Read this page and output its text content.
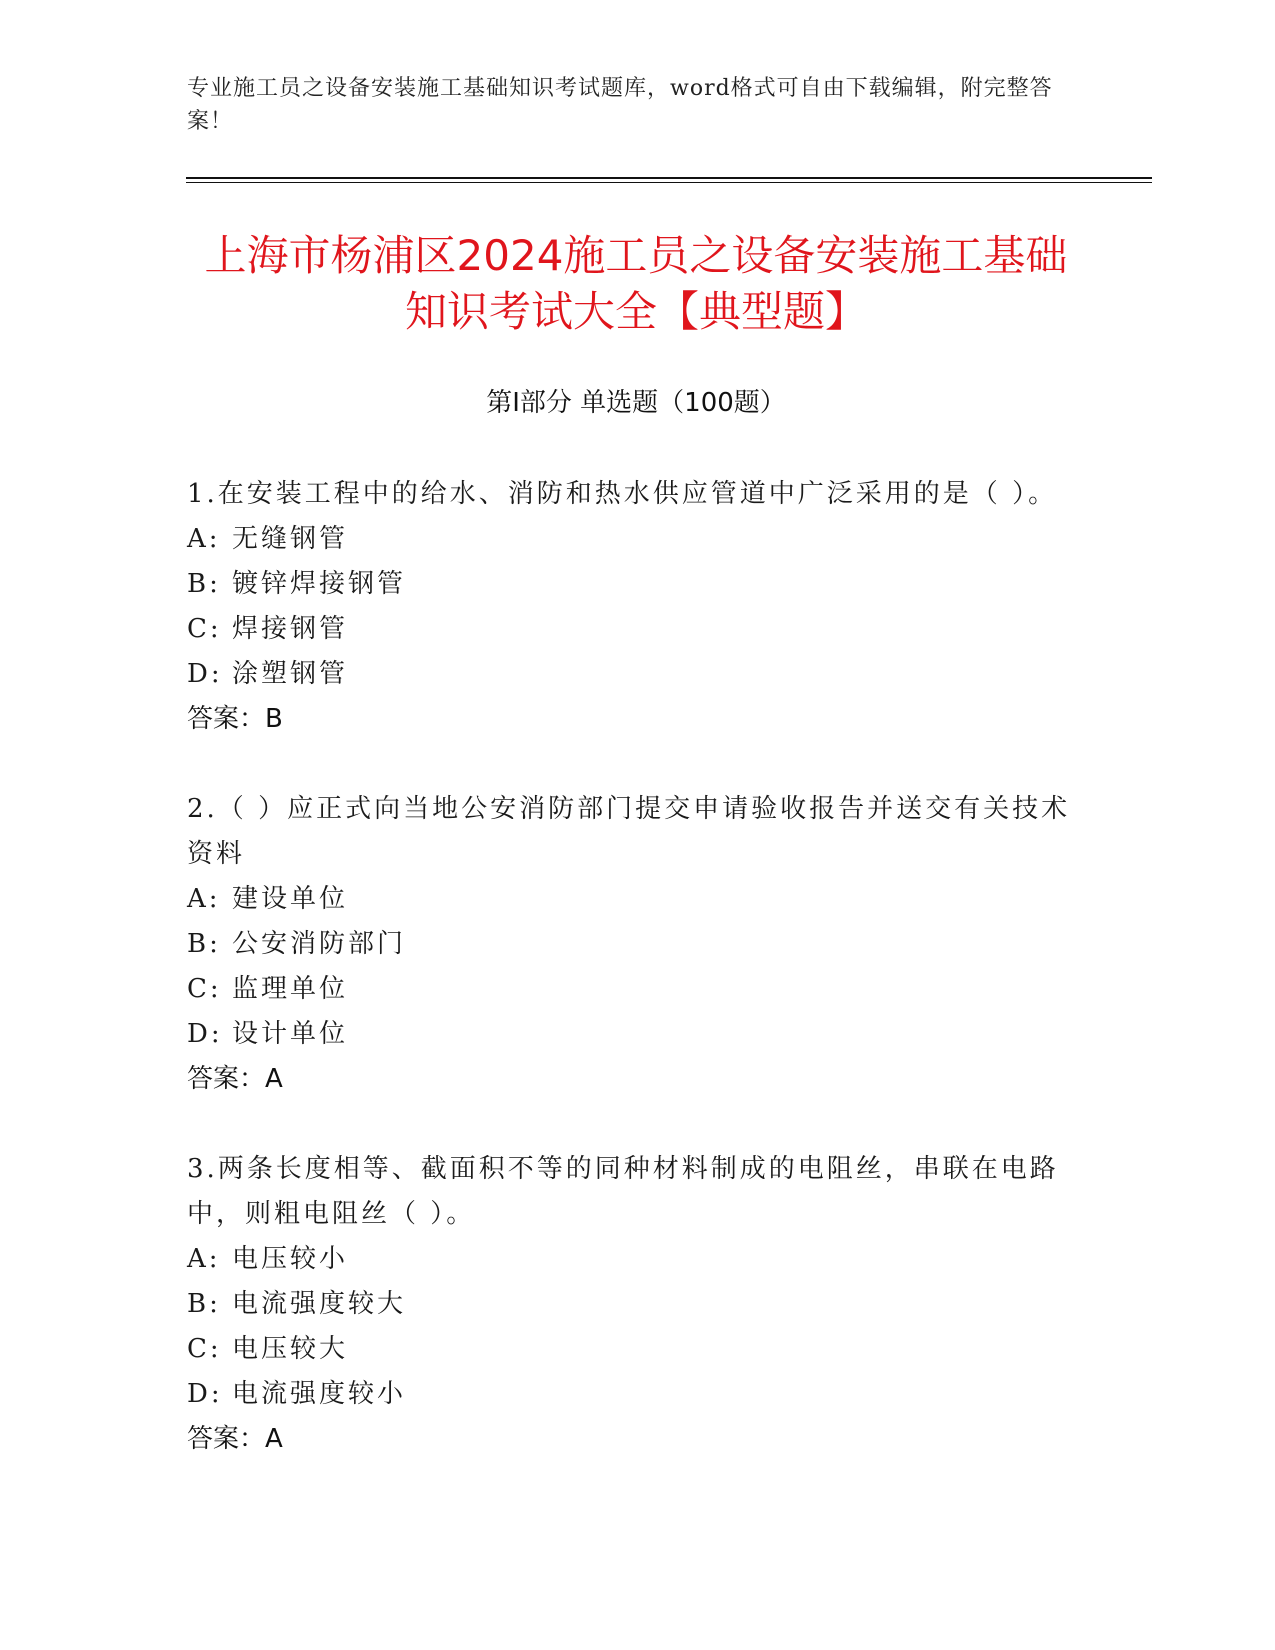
专业施工员之设备安装施工基础知识考试题库，word格式可自由下载编辑，附完整答案！
上海市杨浦区2024施工员之设备安装施工基础知识考试大全【典型题】
第I部分 单选题（100题）
1.在安装工程中的给水、消防和热水供应管道中广泛采用的是（ ）。
A: 无缝钢管
B: 镀锌焊接钢管
C: 焊接钢管
D: 涂塑钢管
答案：B
2.（ ）应正式向当地公安消防部门提交申请验收报告并送交有关技术资料
A: 建设单位
B: 公安消防部门
C: 监理单位
D: 设计单位
答案：A
3.两条长度相等、截面积不等的同种材料制成的电阻丝，串联在电路中，则粗电阻丝（ ）。
A: 电压较小
B: 电流强度较大
C: 电压较大
D: 电流强度较小
答案：A
